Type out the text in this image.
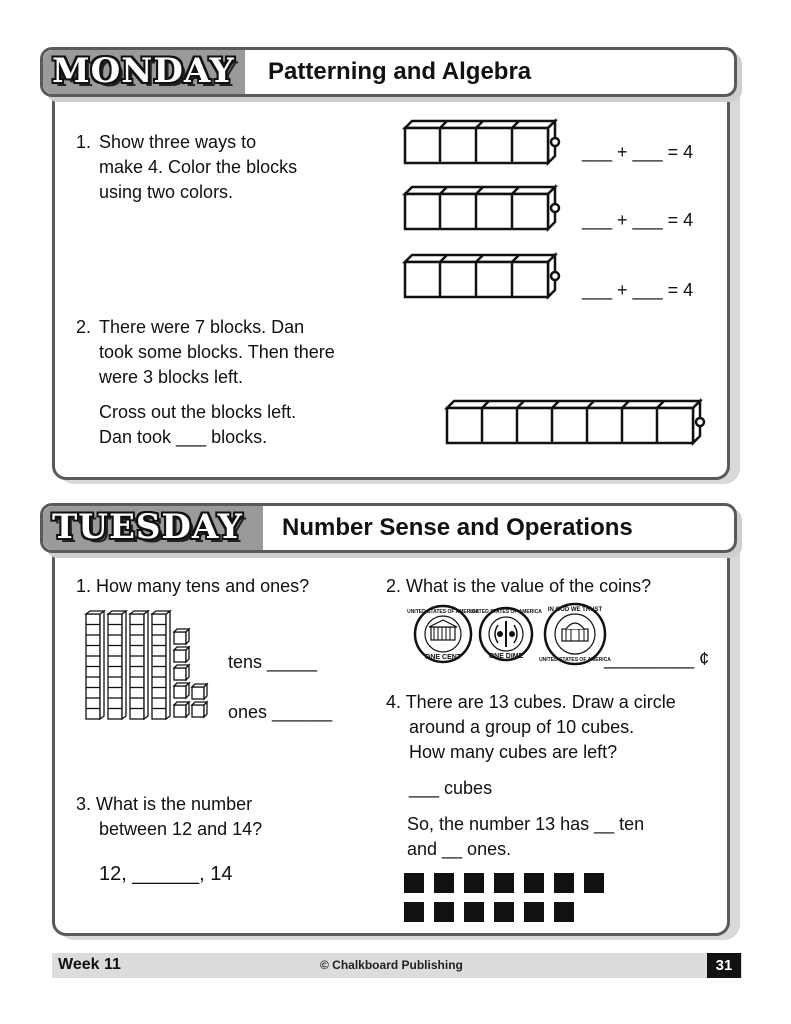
MONDAY Patterning and Algebra
1. Show three ways to
make 4. Color the blocks
using two colors.
___ + ___ = 4
___ + ___ = 4
___ + ___ = 4
2. There were 7 blocks. Dan
took some blocks. Then there
were 3 blocks left.
Cross out the blocks left.
Dan took ___ blocks.
TUESDAY Number Sense and Operations
1. How many tens and ones?
tens _____
ones ______
2. What is the value of the coins?
UNITED STATES OF AMERICA
ONE CENT
UNITED STATES OF AMERICA
ONE DIME
IN GOD WE TRUST
UNITED STATES OF AMERICA
_________ ¢
3. What is the number
between 12 and 14?
12, ______, 14
4. There are 13 cubes. Draw a circle
around a group of 10 cubes.
How many cubes are left?
___ cubes
So, the number 13 has __ ten
and __ ones.
Week 11	© Chalkboard Publishing	31
